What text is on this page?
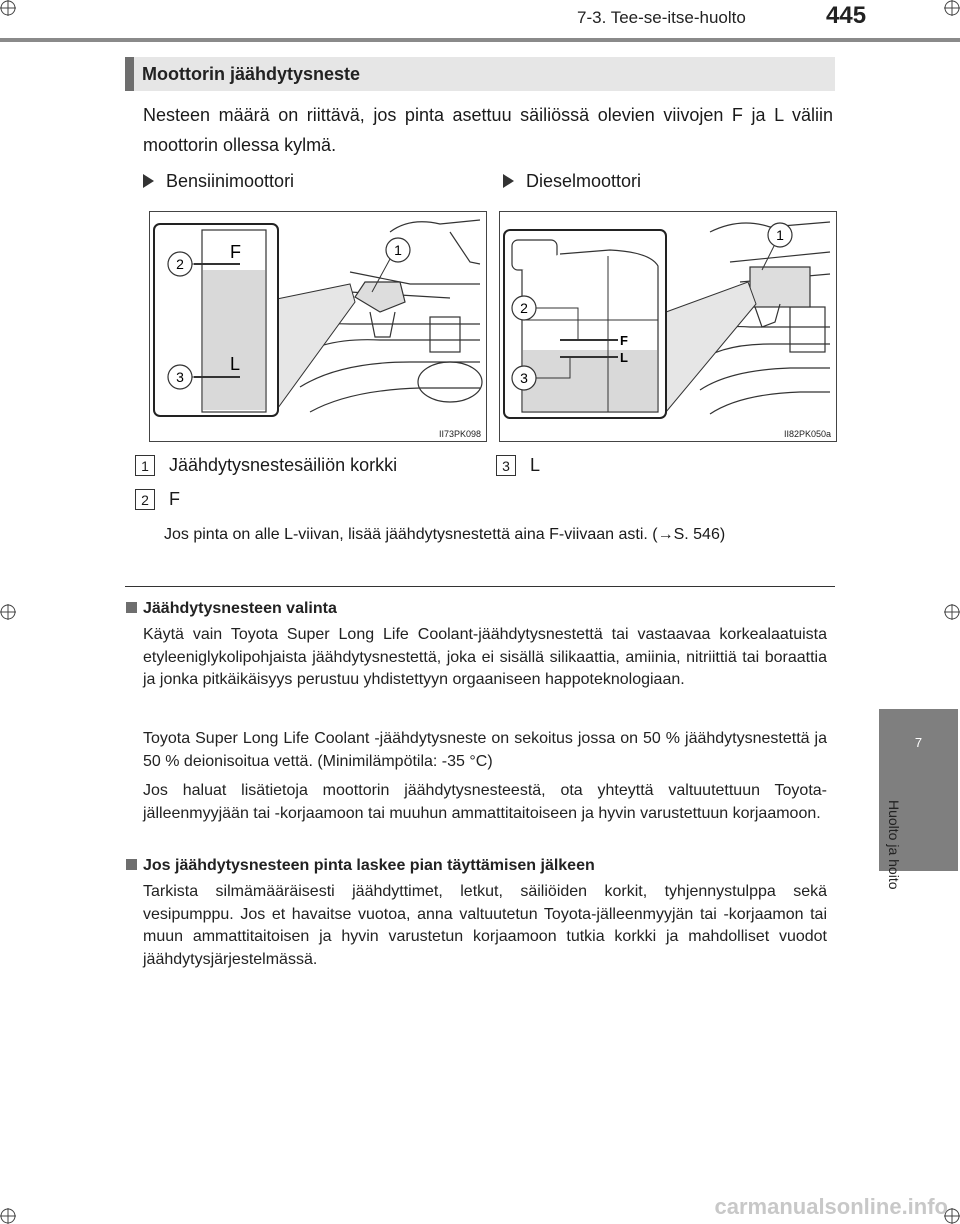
7-3. Tee-se-itse-huolto	445
Moottorin jäähdytysneste
Nesteen määrä on riittävä, jos pinta asettuu säiliössä olevien viivojen F ja L väliin moottorin ollessa kylmä.
Bensiinimoottori	Dieselmoottori
1
F
L
2
3
II73PK098
1
F
L
2
3
II82PK050a
1	Jäähdytysnestesäiliön korkki	3	L
2	F
Jos pinta on alle L-viivan, lisää jäähdytysnestettä aina F-viivaan asti. (→S. 546)
Jäähdytysnesteen valinta
Käytä vain Toyota Super Long Life Coolant-jäähdytysnestettä tai vastaavaa korkealaatuista etyleeniglykolipohjaista jäähdytysnestettä, joka ei sisällä silikaattia, amiinia, nitriittiä tai boraattia ja jonka pitkäikäisyys perustuu yhdistettyyn orgaaniseen happoteknologiaan.
Toyota Super Long Life Coolant -jäähdytysneste on sekoitus jossa on 50 % jäähdytysnestettä ja 50 % deionisoitua vettä. (Minimilämpötila: -35 °C)
Jos haluat lisätietoja moottorin jäähdytysnesteestä, ota yhteyttä valtuutettuun Toyota-jälleenmyyjään tai -korjaamoon tai muuhun ammattitaitoiseen ja hyvin varustettuun korjaamoon.
Jos jäähdytysnesteen pinta laskee pian täyttämisen jälkeen
Tarkista silmämääräisesti jäähdyttimet, letkut, säiliöiden korkit, tyhjennystulppa sekä vesipumppu. Jos et havaitse vuotoa, anna valtuutetun Toyota-jälleenmyyjän tai -korjaamon tai muun ammattitaitoisen ja hyvin varustetun korjaamoon tutkia korkki ja mahdolliset vuodot jäähdytysjärjestelmässä.
7
Huolto ja hoito
carmanualsonline.info
